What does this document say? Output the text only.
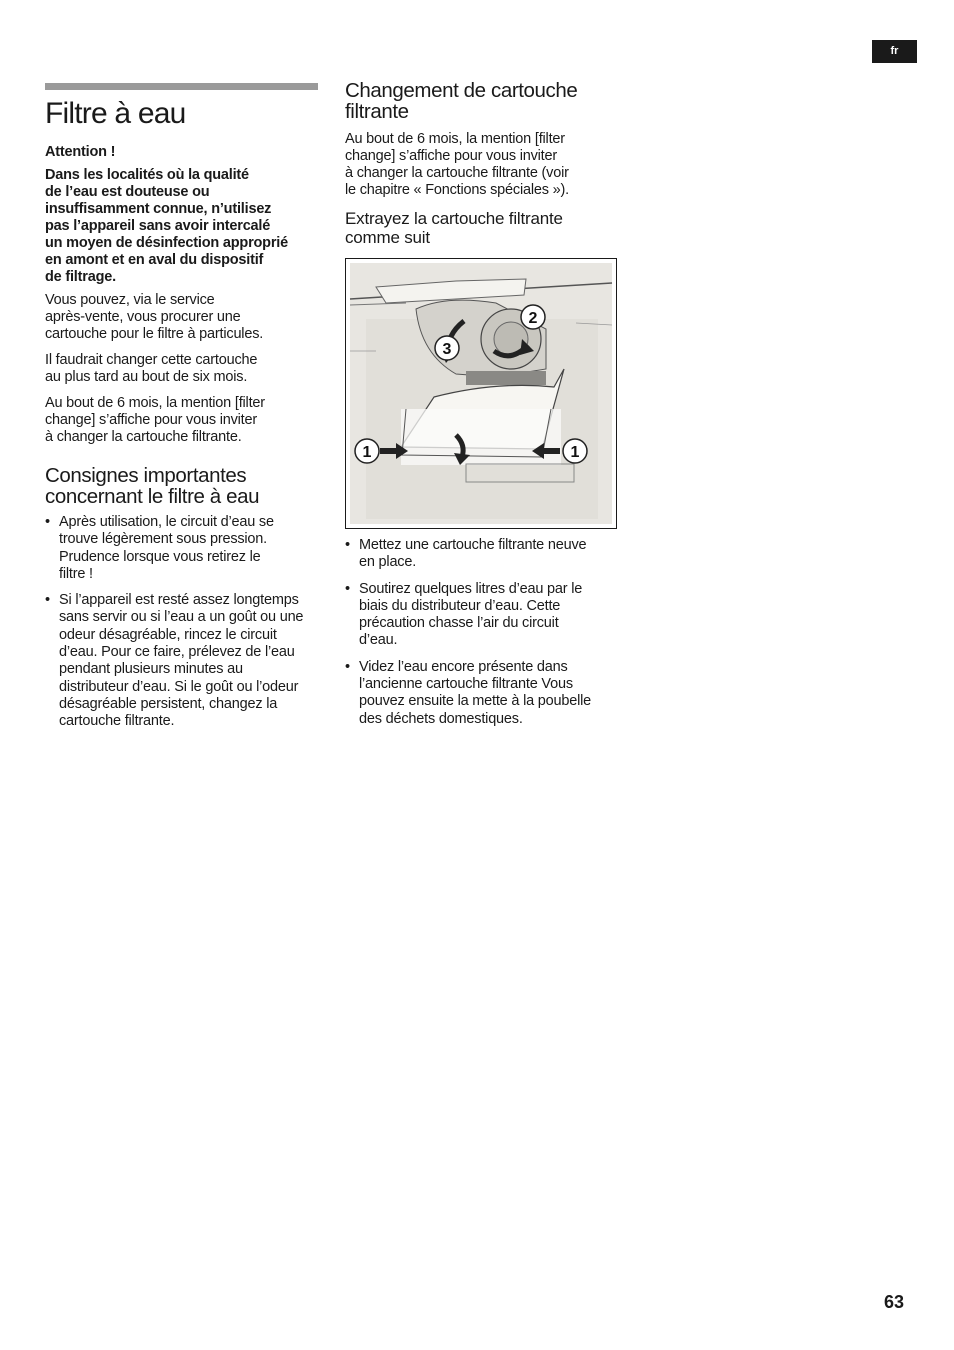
fr
Filtre à eau

Attention !

Dans les localités où la qualité
de l’eau est douteuse ou
insuffisamment connue, n’utilisez
pas l’appareil sans avoir intercalé
un moyen de désinfection approprié
en amont et en aval du dispositif
de filtrage.

Vous pouvez, via le service
après-vente, vous procurer une
cartouche pour le filtre à particules.

Il faudrait changer cette cartouche
au plus tard au bout de six mois.

Au bout de 6 mois, la mention [filter
change] s’affiche pour vous inviter
à changer la cartouche filtrante.

Consignes importantes
concernant le filtre à eau
• Après utilisation, le circuit d’eau se
trouve légèrement sous pression.
Prudence lorsque vous retirez le
filtre !
• Si l’appareil est resté assez longtemps
sans servir ou si l’eau a un goût ou une
odeur désagréable, rincez le circuit
d’eau. Pour ce faire, prélevez de l’eau
pendant plusieurs minutes au
distributeur d’eau. Si le goût ou l’odeur
désagréable persistent, changez la
cartouche filtrante.
Changement de cartouche
filtrante

Au bout de 6 mois, la mention [filter
change] s’affiche pour vous inviter
à changer la cartouche filtrante (voir
le chapitre « Fonctions spéciales »).

Extrayez la cartouche filtrante
comme suit
1	1
2
3
• Mettez une cartouche filtrante neuve
en place.
• Soutirez quelques litres d’eau par le
biais du distributeur d’eau. Cette
précaution chasse l’air du circuit
d’eau.
• Videz l’eau encore présente dans
l’ancienne cartouche filtrante Vous
pouvez ensuite la mette à la poubelle
des déchets domestiques.
63
